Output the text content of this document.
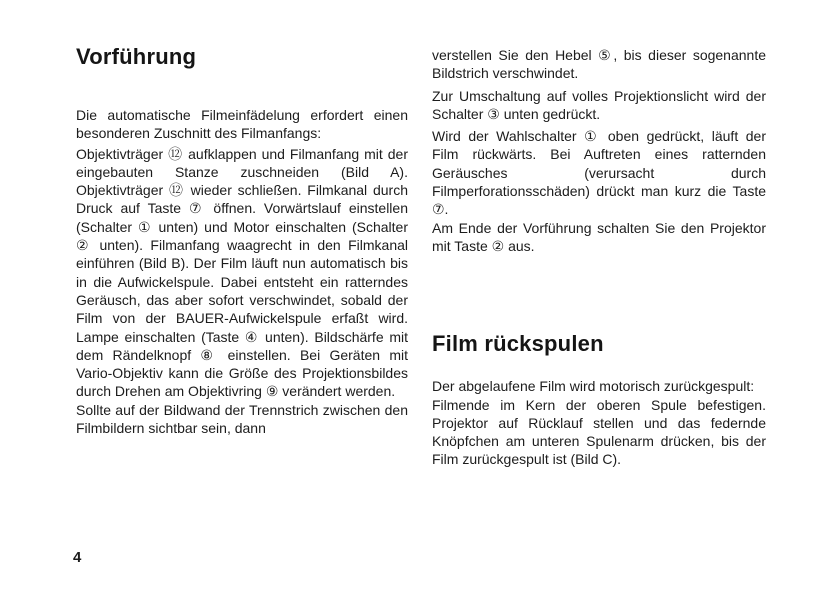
Vorführung

Die automatische Filmeinfädelung erfordert einen besonderen Zuschnitt des Filmanfangs:

Objektivträger ⑫ aufklappen und Filmanfang mit der eingebauten Stanze zuschneiden (Bild A). Objektivträger ⑫ wieder schließen. Filmkanal durch Druck auf Taste ⑦ öffnen. Vorwärtslauf einstellen (Schalter ① unten) und Motor einschalten (Schalter ② unten). Filmanfang waagrecht in den Filmkanal einführen (Bild B). Der Film läuft nun automatisch bis in die Aufwickelspule. Dabei entsteht ein ratterndes Geräusch, das aber sofort verschwindet, sobald der Film von der BAUER-Aufwickelspule erfaßt wird. Lampe einschalten (Taste ④ unten). Bildschärfe mit dem Rändelknopf ⑧ einstellen. Bei Geräten mit Vario-Objektiv kann die Größe des Projektionsbildes durch Drehen am Objektivring ⑨ verändert werden.

Sollte auf der Bildwand der Trennstrich zwischen den Filmbildern sichtbar sein, dann

verstellen Sie den Hebel ⑤, bis dieser sogenannte Bildstrich verschwindet.

Zur Umschaltung auf volles Projektionslicht wird der Schalter ③ unten gedrückt.

Wird der Wahlschalter ① oben gedrückt, läuft der Film rückwärts. Bei Auftreten eines ratternden Geräusches (verursacht durch Filmperforationsschäden) drückt man kurz die Taste ⑦.

Am Ende der Vorführung schalten Sie den Projektor mit Taste ② aus.

Film rückspulen

Der abgelaufene Film wird motorisch zurückgespult:

Filmende im Kern der oberen Spule befestigen. Projektor auf Rücklauf stellen und das federnde Knöpfchen am unteren Spulenarm drücken, bis der Film zurückgespult ist (Bild C).

4
